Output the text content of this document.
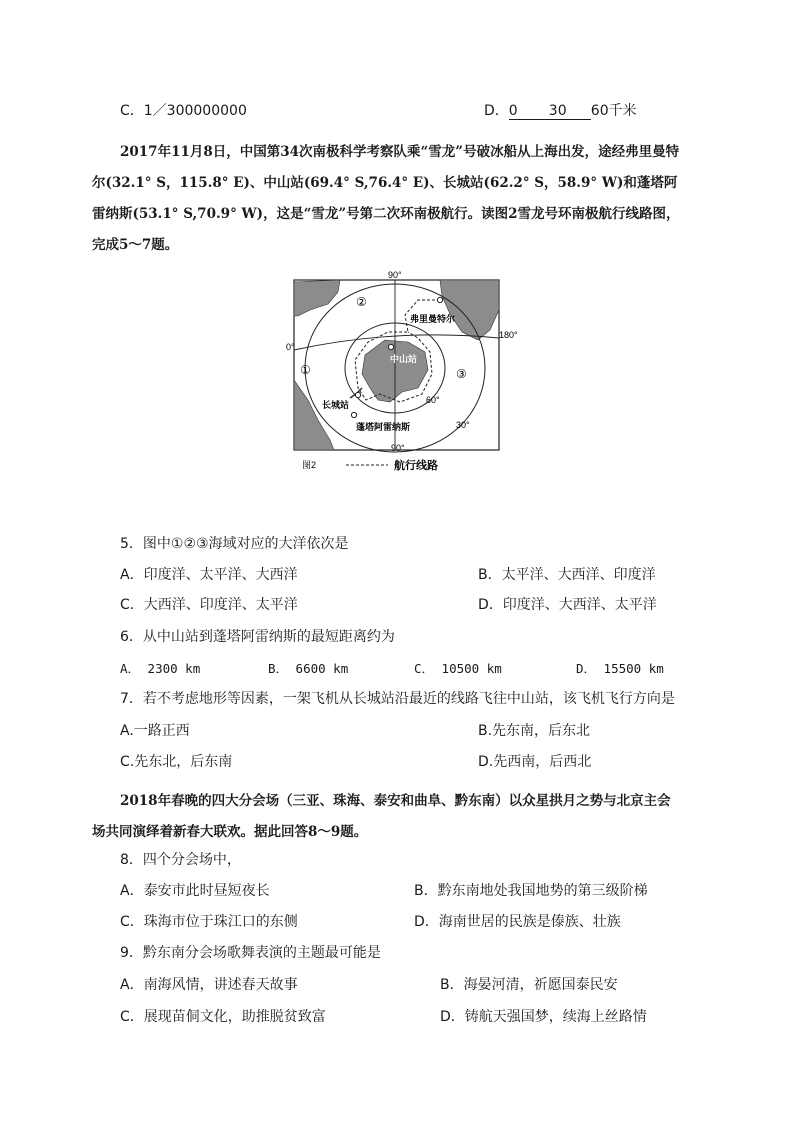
C．1／300000000	D．0 30 60千米
2017年11月8日，中国第34次南极科学考察队乘“雪龙”号破冰船从上海出发，途经弗里曼特尔(32.1° S，115.8° E)、中山站(69.4° S,76.4° E)、长城站(62.2° S，58.9° W)和蓬塔阿雷纳斯(53.1° S,70.9° W)，这是“雪龙”号第二次环南极航行。读图2雪龙号环南极航行线路图，完成5～7题。
90°
0°
180°
90°
60°
30°
②
①	③
弗里曼特尔
中山站
长城站
蓬塔阿雷纳斯
图2	航行线路
5．图中①②③海域对应的大洋依次是
A．印度洋、太平洋、大西洋	B．太平洋、大西洋、印度洋
C．大西洋、印度洋、太平洋	D．印度洋、大西洋、太平洋
6．从中山站到蓬塔阿雷纳斯的最短距离约为
A． 2300 km	B． 6600 km	C． 10500 km	D． 15500 km
7．若不考虑地形等因素，一架飞机从长城站沿最近的线路飞往中山站，该飞机飞行方向是
A.一路正西	B.先东南，后东北
C.先东北，后东南	D.先西南，后西北
2018年春晚的四大分会场（三亚、珠海、泰安和曲阜、黔东南）以众星拱月之势与北京主会场共同演绎着新春大联欢。据此回答8～9题。
8．四个分会场中，
A．泰安市此时昼短夜长	B．黔东南地处我国地势的第三级阶梯
C．珠海市位于珠江口的东侧	D．海南世居的民族是傣族、壮族
9．黔东南分会场歌舞表演的主题最可能是
A．南海风情，讲述春天故事	B．海晏河清，祈愿国泰民安
C．展现苗侗文化，助推脱贫致富	D．铸航天强国梦，续海上丝路情
